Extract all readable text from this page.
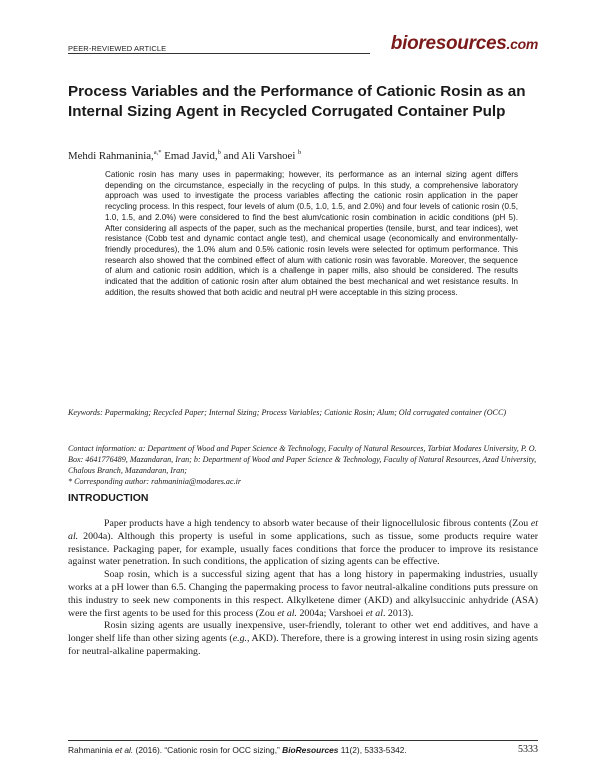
PEER-REVIEWED ARTICLE	bioresources.com
Process Variables and the Performance of Cationic Rosin as an Internal Sizing Agent in Recycled Corrugated Container Pulp
Mehdi Rahmaninia,$^{a,*}$ Emad Javid,$^b$ and Ali Varshoei $^b$

Cationic rosin has many uses in papermaking; however, its performance as an internal sizing agent differs depending on the circumstance, especially in the recycling of pulps. In this study, a comprehensive laboratory approach was used to investigate the process variables affecting the cationic rosin application in the paper recycling process. In this respect, four levels of alum (0.5, 1.0, 1.5, and 2.0%) and four levels of cationic rosin (0.5, 1.0, 1.5, and 2.0%) were considered to find the best alum/cationic rosin combination in acidic conditions (pH 5). After considering all aspects of the paper, such as the mechanical properties (tensile, burst, and tear indices), wet resistance (Cobb test and dynamic contact angle test), and chemical usage (economically and environmentally-friendly procedures), the 1.0% alum and 0.5% cationic rosin levels were selected for optimum performance. This research also showed that the combined effect of alum with cationic rosin was favorable. Moreover, the sequence of alum and cationic rosin addition, which is a challenge in paper mills, also should be considered. The results indicated that the addition of cationic rosin after alum obtained the best mechanical and wet resistance results. In addition, the results showed that both acidic and neutral pH were acceptable in this sizing process.

Keywords: Papermaking; Recycled Paper; Internal Sizing; Process Variables; Cationic Rosin; Alum; Old corrugated container (OCC)
Contact information: a: Department of Wood and Paper Science & Technology, Faculty of Natural Resources, Tarbiat Modares University, P. O. Box: 4641776489, Mazandaran, Iran; b: Department of Wood and Paper Science & Technology, Faculty of Natural Resources, Azad University, Chalous Branch, Mazandaran, Iran;
* Corresponding author: rahmaninia@modares.ac.ir
INTRODUCTION

Paper products have a high tendency to absorb water because of their lignocellulosic fibrous contents (Zou et al. 2004a). Although this property is useful in some applications, such as tissue, some products require water resistance. Packaging paper, for example, usually faces conditions that force the producer to improve its resistance against water penetration. In such conditions, the application of sizing agents can be effective.

Soap rosin, which is a successful sizing agent that has a long history in papermaking industries, usually works at a pH lower than 6.5. Changing the papermaking process to favor neutral-alkaline conditions puts pressure on this industry to seek new components in this respect. Alkylketene dimer (AKD) and alkylsuccinic anhydride (ASA) were the first agents to be used for this process (Zou et al. 2004a; Varshoei et al. 2013).

Rosin sizing agents are usually inexpensive, user-friendly, tolerant to other wet end additives, and have a longer shelf life than other sizing agents (e.g., AKD). Therefore, there is a growing interest in using rosin sizing agents for neutral-alkaline papermaking.

Rahmaninia et al. (2016). “Cationic rosin for OCC sizing,” BioResources 11(2), 5333-5342.	5333
